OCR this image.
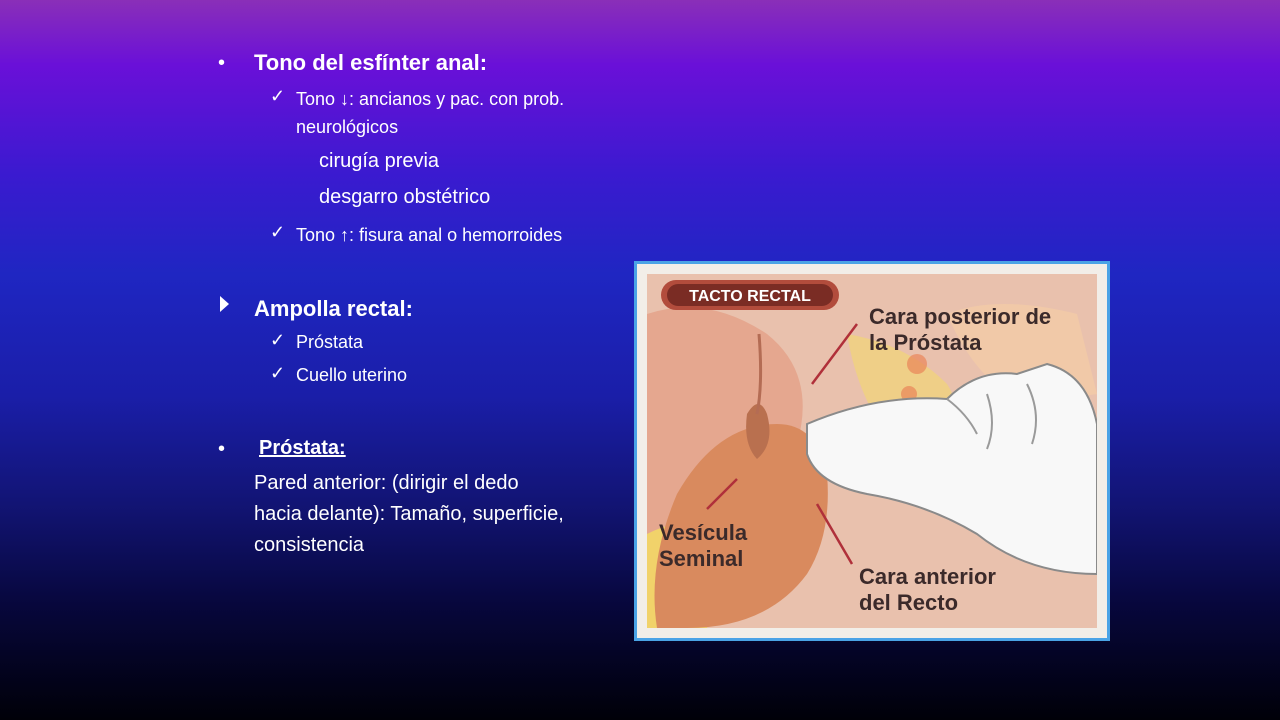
• Tono del esfínter anal:
✓ Tono ↓: ancianos y pac. con prob.
neurológicos
cirugía previa
desgarro obstétrico
✓ Tono ↑: fisura anal o hemorroides
Ampolla rectal:
✓ Próstata
✓ Cuello uterino
• Próstata:
Pared anterior: (dirigir el dedo
hacia delante): Tamaño, superficie,
consistencia
TACTO RECTAL
Cara posterior de
la Próstata
Vesícula
Seminal
Cara anterior
del Recto
